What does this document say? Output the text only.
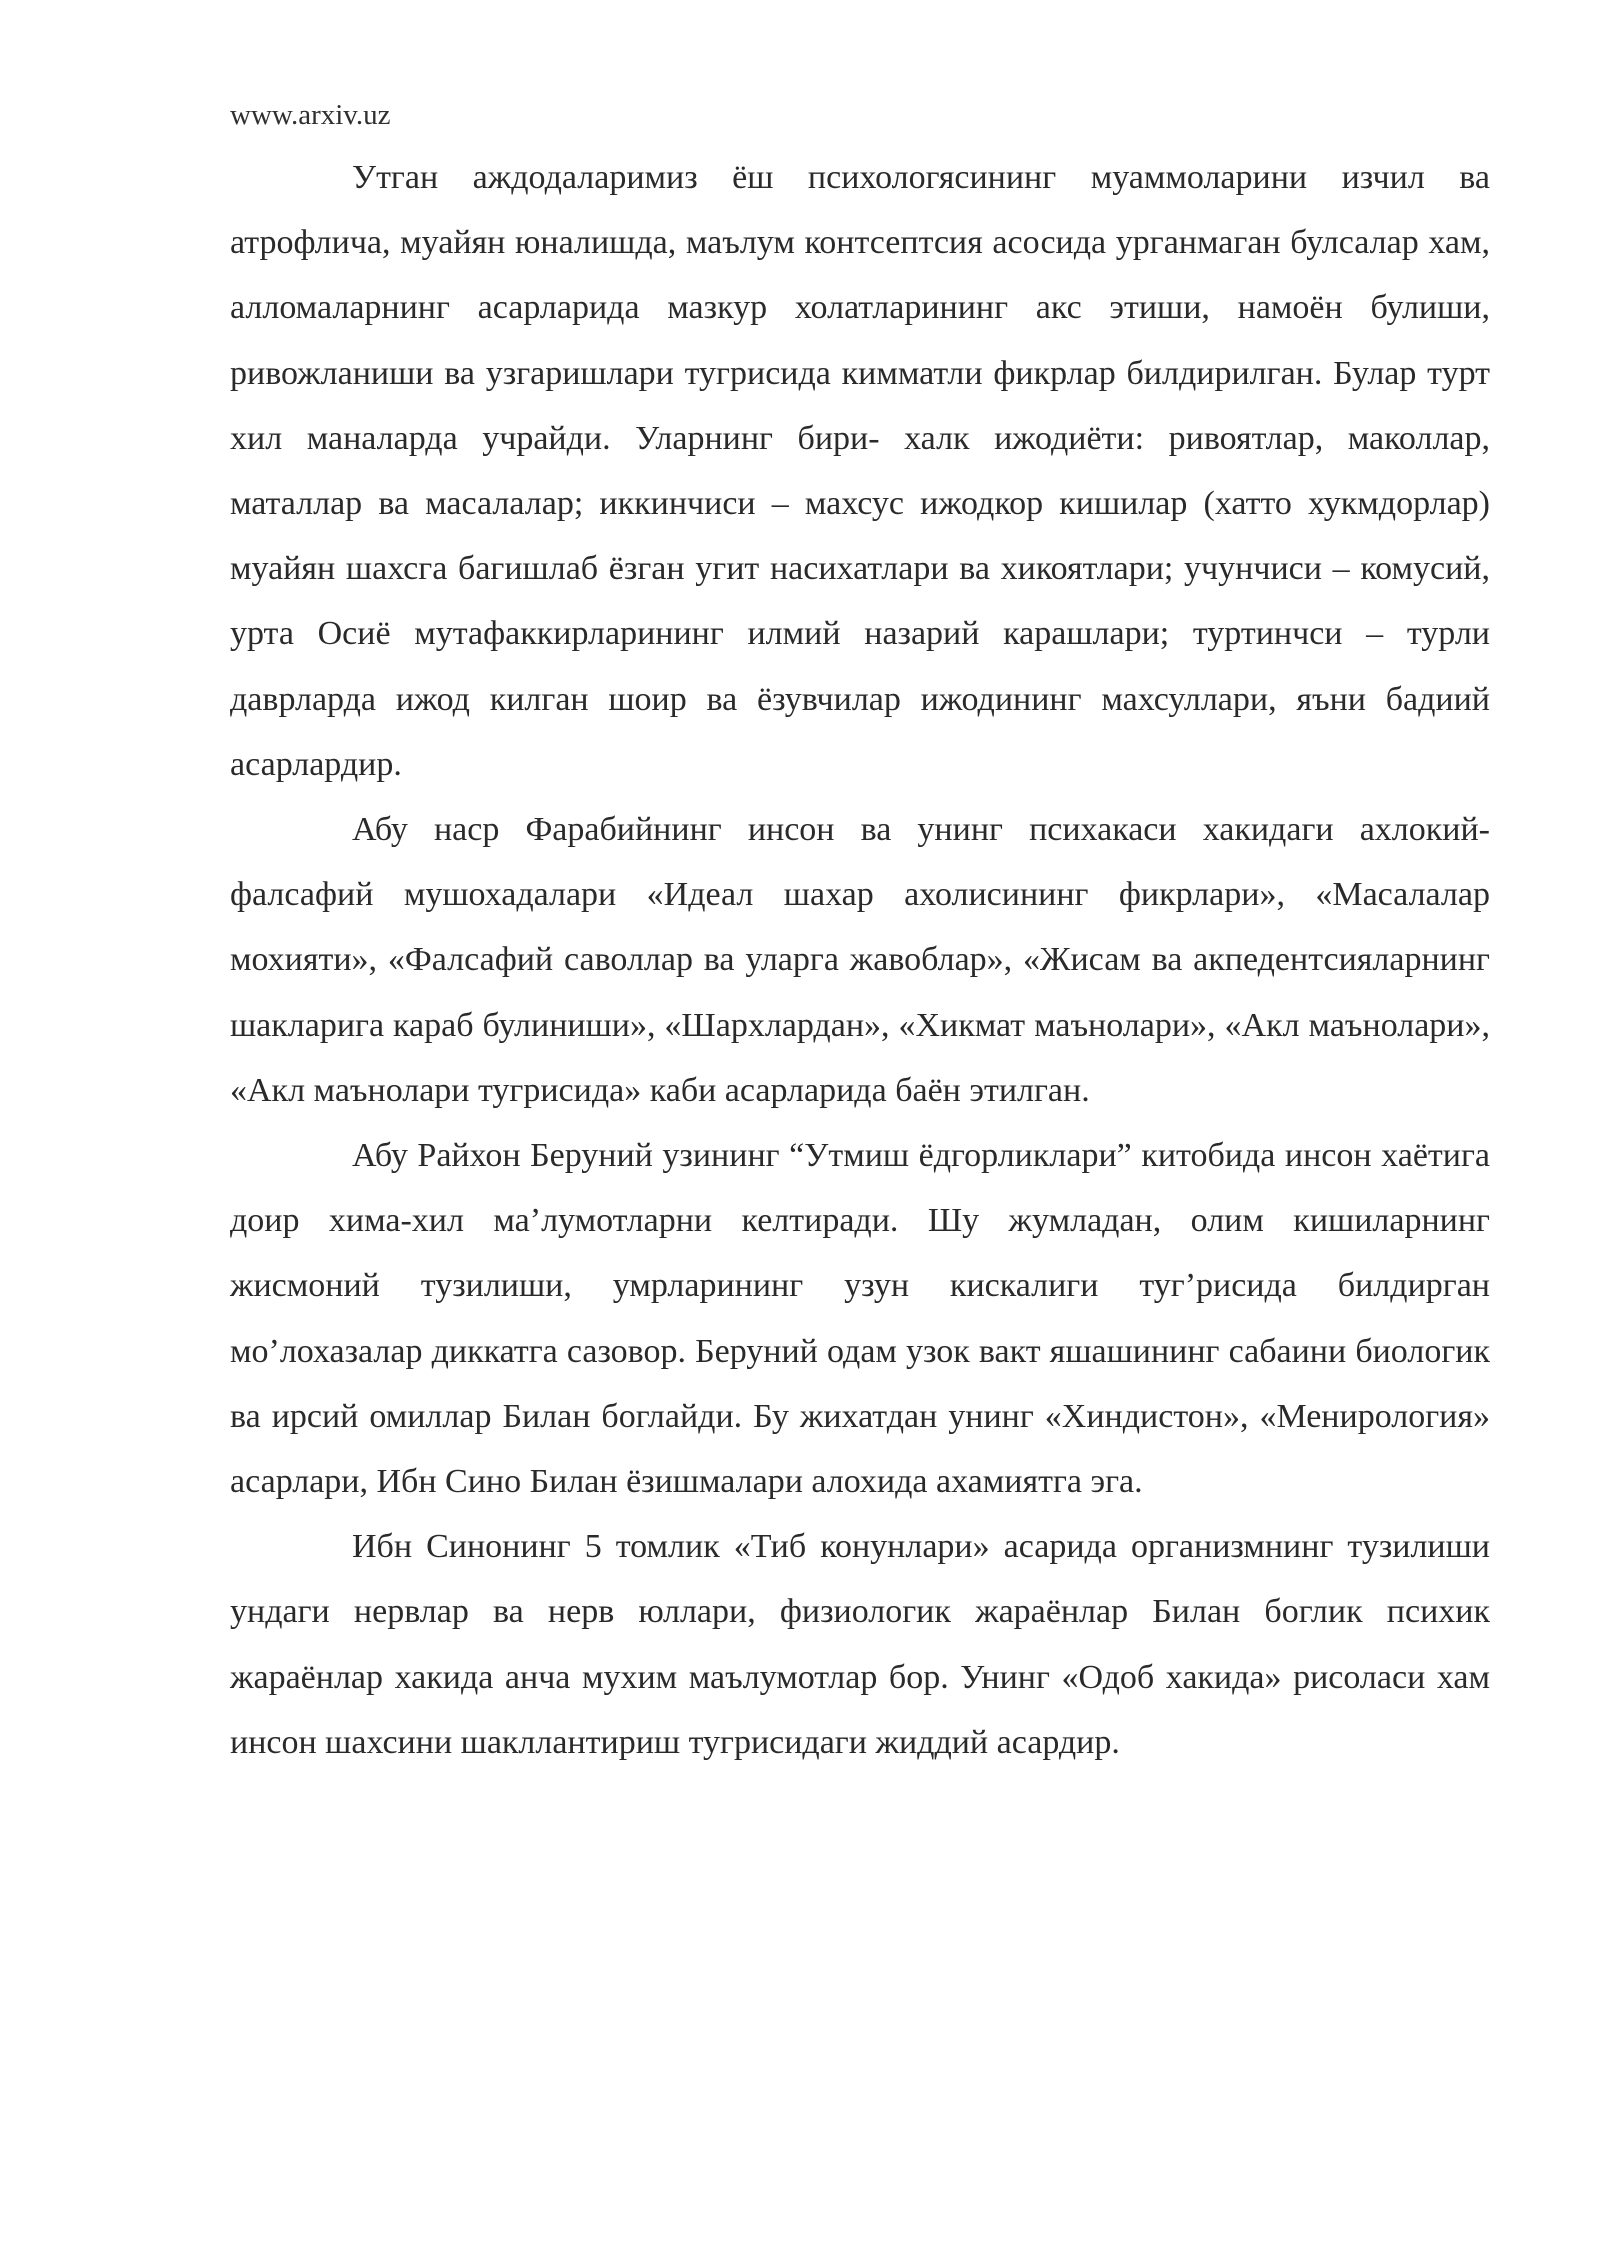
www.arxiv.uz

Утган аждодаларимиз ёш психологясининг муаммоларини изчил ва атрофлича, муайян юналишда, маълум контсептсия асосида урганмаган булсалар хам, алломаларнинг асарларида мазкур холатларининг акс этиши, намоён булиши, ривожланиши ва узгаришлари тугрисида кимматли фикрлар билдирилган. Булар турт хил маналарда учрайди. Уларнинг бири- халк ижодиёти: ривоятлар, маколлар, маталлар ва масалалар; иккинчиси – махсус ижодкор кишилар (хатто хукмдорлар) муайян шахсга багишлаб ёзган угит насихатлари ва хикоятлари; учунчиси – комусий, урта Осиё мутафаккирларининг илмий назарий карашлари; туртинчси – турли даврларда ижод килган шоир ва ёзувчилар ижодининг махсуллари, яъни бадиий асарлардир.

Абу наср Фарабийнинг инсон ва унинг психакаси хакидаги ахлокий-фалсафий мушохадалари «Идеал шахар ахолисининг фикрлари», «Масалалар мохияти», «Фалсафий саволлар ва уларга жавоблар», «Жисам ва акпедентсияларнинг шакларига караб булиниши», «Шархлардан», «Хикмат маънолари», «Акл маънолари», «Акл маънолари тугрисида» каби асарларида баён этилган.

Абу Райхон Беруний узининг “Утмиш ёдгорликлари” китобида инсон хаётига доир хима-хил ма’лумотларни келтиради. Шу жумладан, олим кишиларнинг жисмоний тузилиши, умрларининг узун кискалиги туг’рисида билдирган мо’лохазалар диккатга сазовор. Беруний одам узок вакт яшашининг сабаини биологик ва ирсий омиллар Билан боглайди. Бу жихатдан унинг «Хиндистон», «Менирология» асарлари, Ибн Сино Билан ёзишмалари алохида ахамиятга эга.

Ибн Синонинг 5 томлик «Тиб конунлари» асарида организмнинг тузилиши ундаги нервлар ва нерв юллари, физиологик жараёнлар Билан боглик психик жараёнлар хакида анча мухим маълумотлар бор. Унинг «Одоб хакида» рисоласи хам инсон шахсини шакллантириш тугрисидаги жиддий асардир.
